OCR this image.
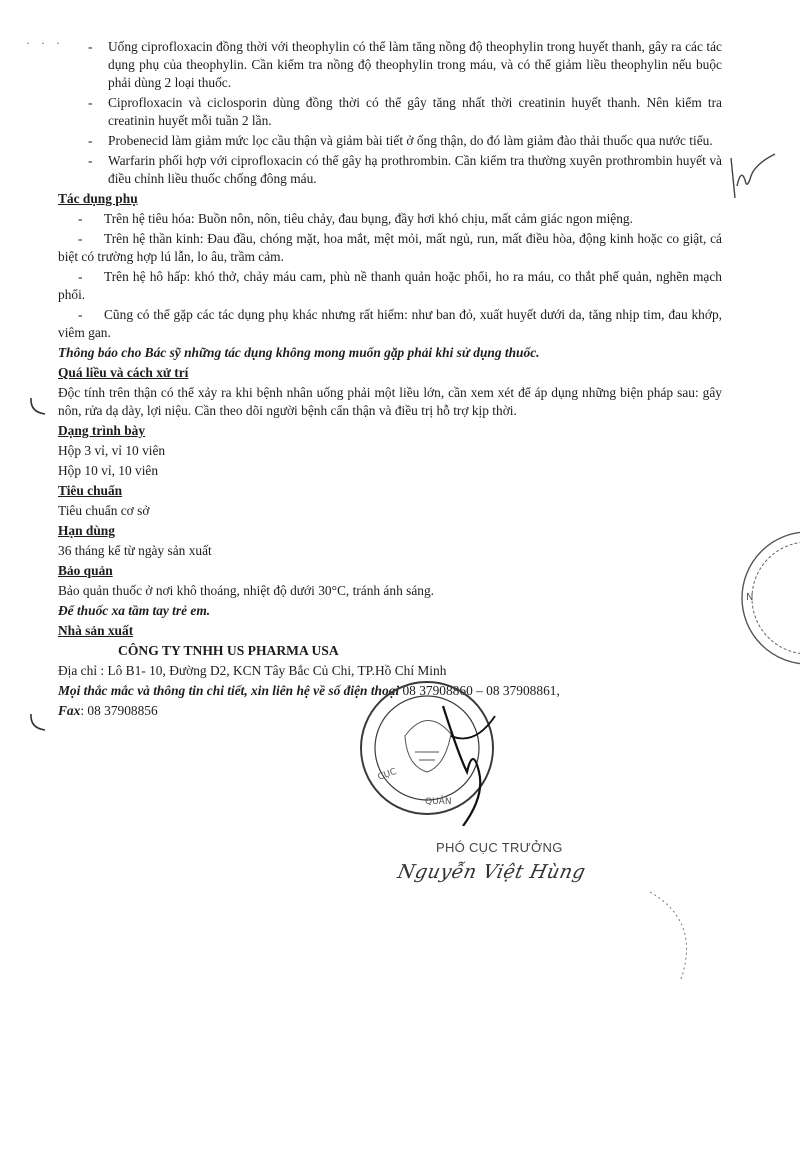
· · · - Uống ciprofloxacin đồng thời với theophylin có thể làm tăng nồng độ theophylin trong huyết thanh, gây ra các tác dụng phụ của theophylin. Cần kiểm tra nồng độ theophylin trong máu, và có thể giảm liều theophylin nếu buộc phải dùng 2 loại thuốc.

- Ciprofloxacin và ciclosporin dùng đồng thời có thể gây tăng nhất thời creatinin huyết thanh. Nên kiểm tra creatinin huyết mỗi tuần 2 lần.

- Probenecid làm giảm mức lọc cầu thận và giảm bài tiết ở ống thận, do đó làm giảm đào thải thuốc qua nước tiểu.

- Warfarin phối hợp với ciprofloxacin có thể gây hạ prothrombin. Cần kiểm tra thường xuyên prothrombin huyết và điều chỉnh liều thuốc chống đông máu.

Tác dụng phụ

- Trên hệ tiêu hóa: Buồn nôn, nôn, tiêu chảy, đau bụng, đầy hơi khó chịu, mất cảm giác ngon miệng.

- Trên hệ thần kinh: Đau đầu, chóng mặt, hoa mắt, mệt mỏi, mất ngủ, run, mất điều hòa, động kinh hoặc co giật, cá biệt có trường hợp lú lẫn, lo âu, trầm cảm.

- Trên hệ hô hấp: khó thở, chảy máu cam, phù nề thanh quản hoặc phổi, ho ra máu, co thắt phế quản, nghẽn mạch phổi.

- Cũng có thể gặp các tác dụng phụ khác nhưng rất hiếm: như ban đỏ, xuất huyết dưới da, tăng nhịp tim, đau khớp, viêm gan.

Thông báo cho Bác sỹ những tác dụng không mong muốn gặp phải khi sử dụng thuốc.

Quá liều và cách xử trí

Độc tính trên thận có thể xảy ra khi bệnh nhân uống phải một liều lớn, cần xem xét để áp dụng những biện pháp sau: gây nôn, rửa dạ dày, lợi niệu. Cần theo dõi người bệnh cẩn thận và điều trị hỗ trợ kịp thời.

Dạng trình bày

Hộp 3 vỉ, vỉ 10 viên

Hộp 10 vỉ, 10 viên

Tiêu chuẩn

Tiêu chuẩn cơ sở

Hạn dùng

36 tháng kể từ ngày sản xuất

Bảo quản

Bảo quản thuốc ở nơi khô thoáng, nhiệt độ dưới 30°C, tránh ánh sáng.

Để thuốc xa tầm tay trẻ em.

Nhà sản xuất

CÔNG TY TNHH US PHARMA USA

Địa chỉ : Lô B1- 10, Đường D2, KCN Tây Bắc Củ Chi, TP.Hồ Chí Minh

Mọi thắc mắc và thông tin chi tiết, xin liên hệ về số điện thoại 08 37908860 – 08 37908861,

Fax: 08 37908856

N
CỤC
QUẢN
PHÓ CỤC TRƯỞNG
Nguyễn Việt Hùng
